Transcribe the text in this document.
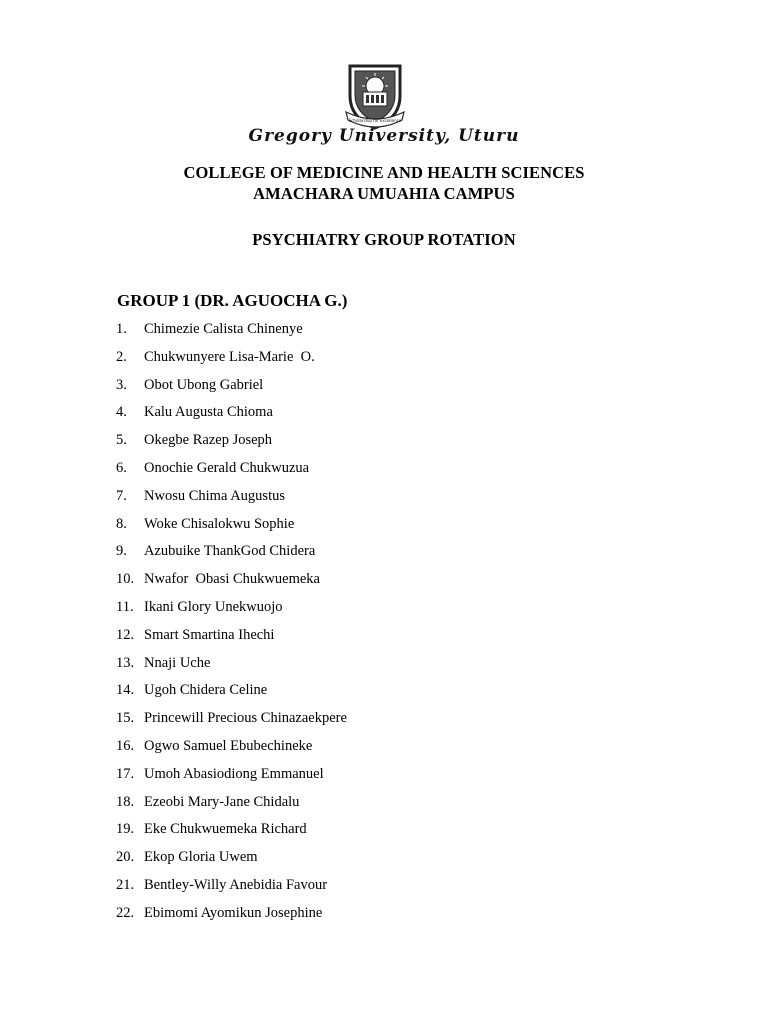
Scholarship for Excellence
Gregory University, Uturu
COLLEGE OF MEDICINE AND HEALTH SCIENCES
AMACHARA UMUAHIA CAMPUS
PSYCHIATRY GROUP ROTATION
GROUP 1 (DR. AGUOCHA G.)
1.	Chimezie Calista Chinenye
2.	Chukwunyere Lisa-Marie  O.
3.	Obot Ubong Gabriel
4.	Kalu Augusta Chioma
5.	Okegbe Razep Joseph
6.	Onochie Gerald Chukwuzua
7.	Nwosu Chima Augustus
8.	Woke Chisalokwu Sophie
9.	Azubuike ThankGod Chidera
10. Nwafor  Obasi Chukwuemeka
11. Ikani Glory Unekwuojo
12. Smart Smartina Ihechi
13. Nnaji Uche
14. Ugoh Chidera Celine
15. Princewill Precious Chinazaekpere
16. Ogwo Samuel Ebubechineke
17. Umoh Abasiodiong Emmanuel
18. Ezeobi Mary-Jane Chidalu
19. Eke Chukwuemeka Richard
20. Ekop Gloria Uwem
21. Bentley-Willy Anebidia Favour
22. Ebimomi Ayomikun Josephine
